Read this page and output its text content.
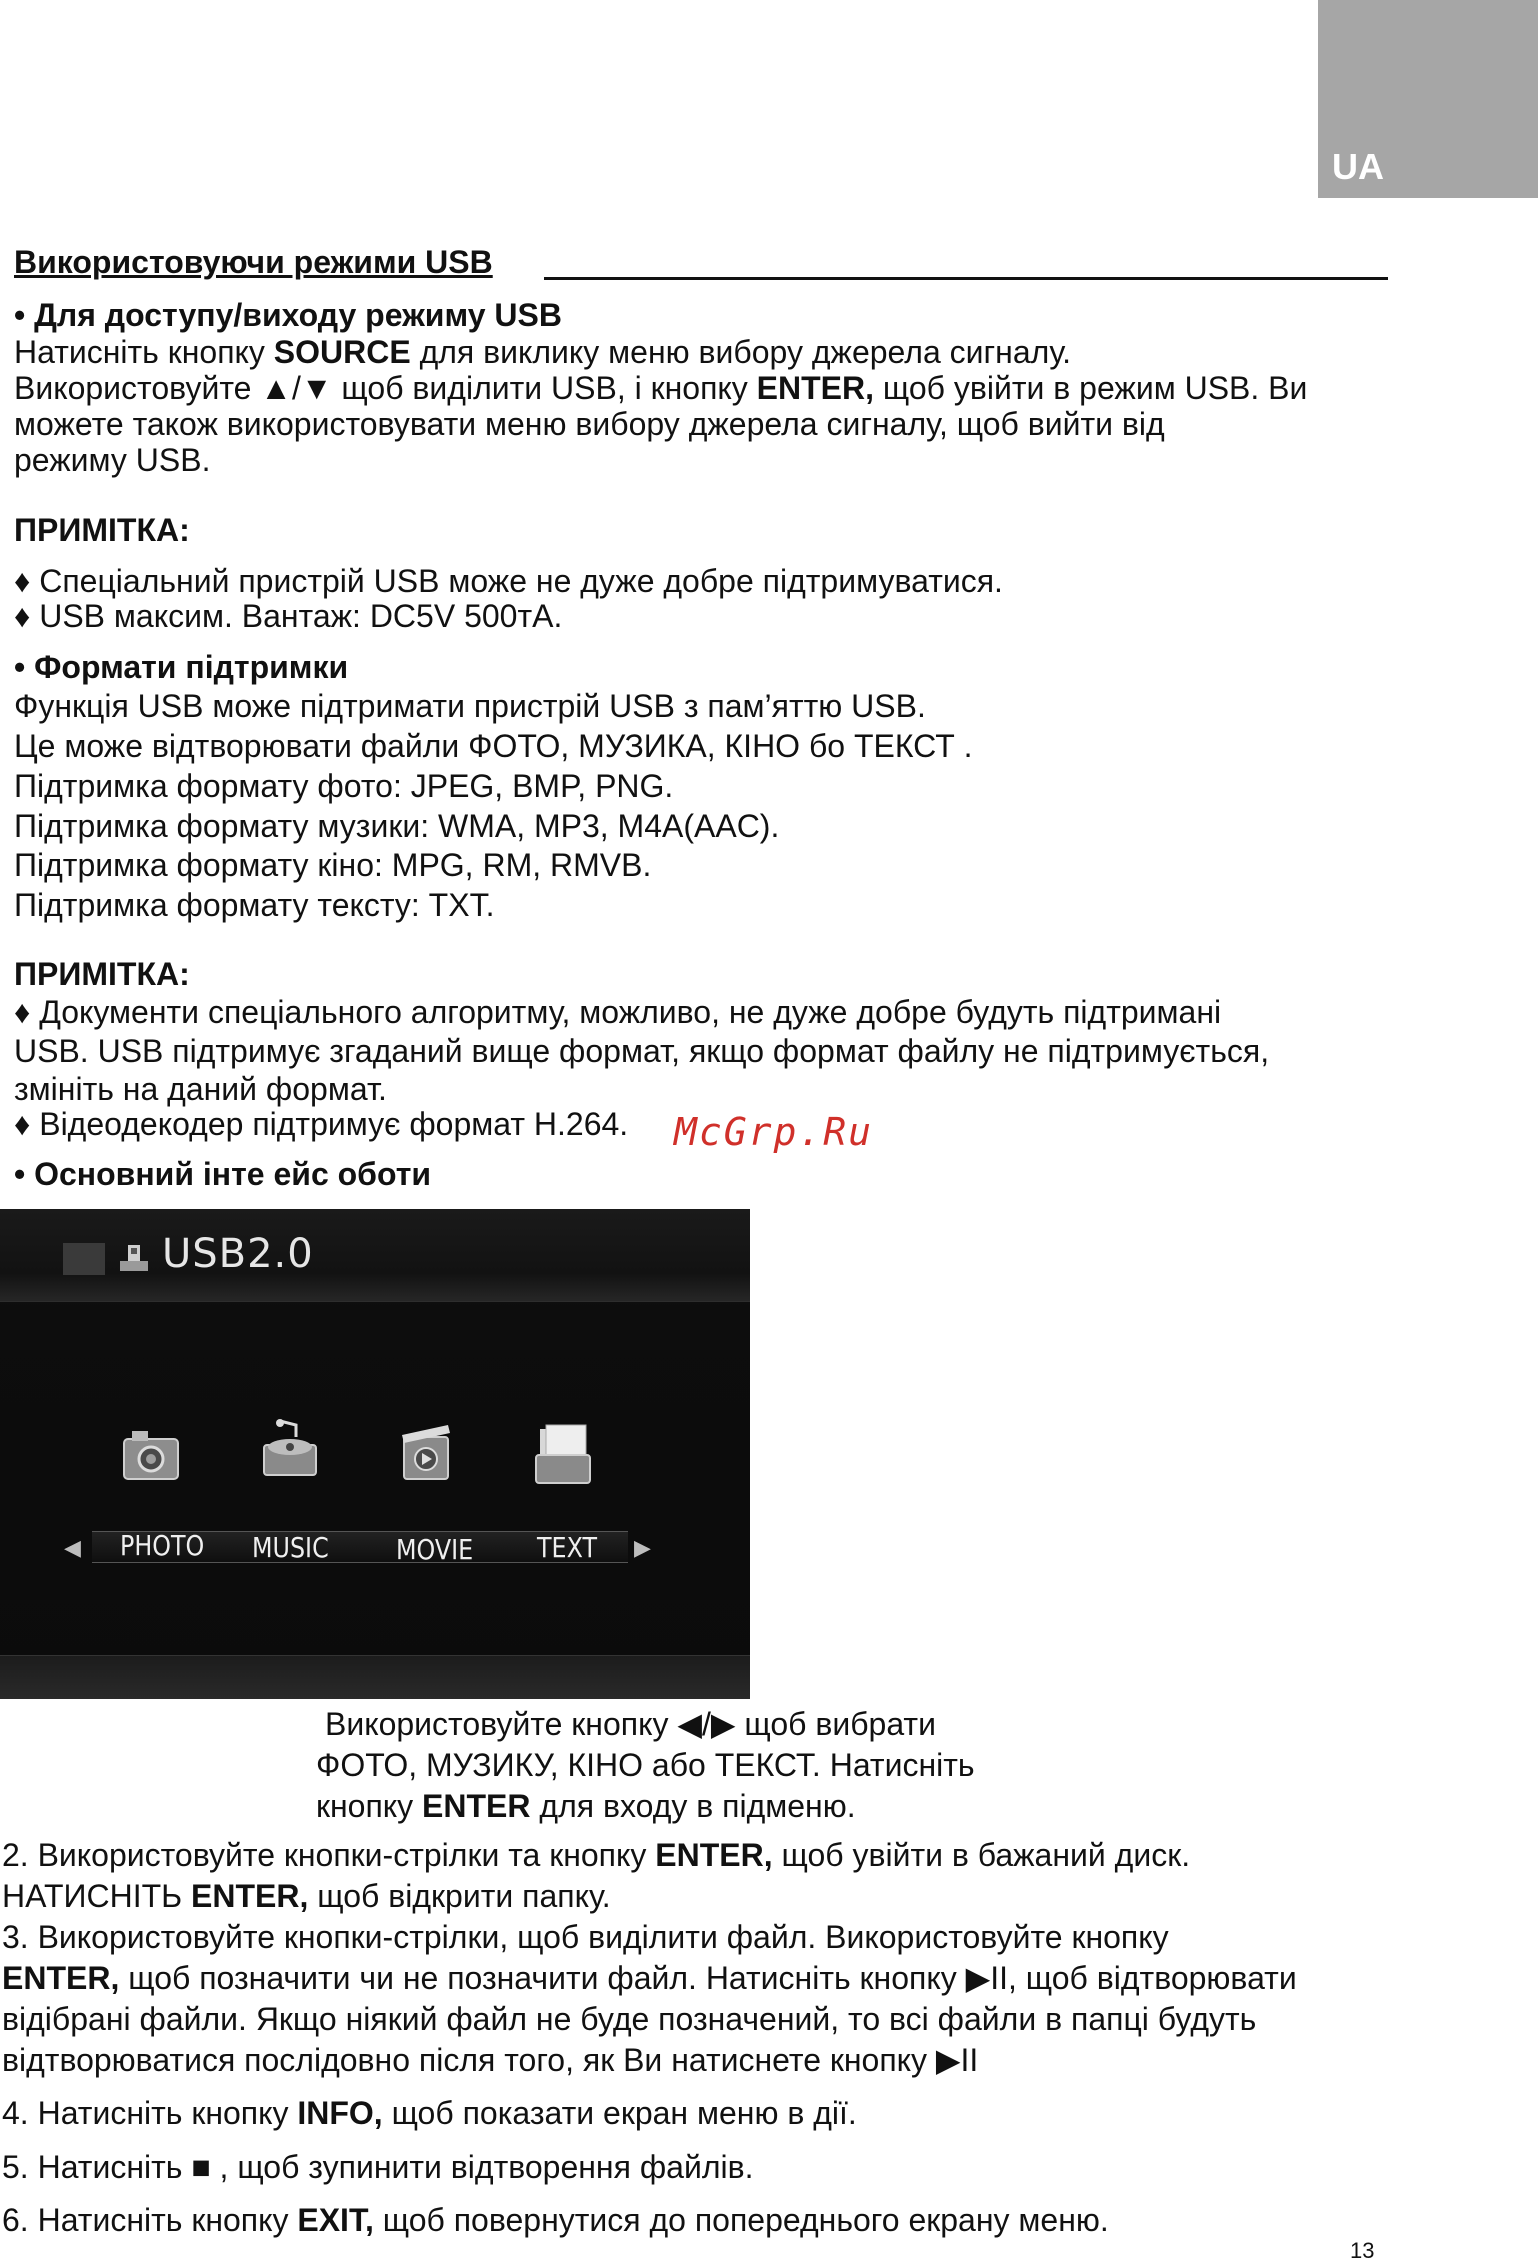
UA
Використовуючи режими USB
• Для доступу/виходу режиму USB
Натисніть кнопку SOURCE для виклику меню вибору джерела сигналу.
Використовуйте ▲/▼ щоб виділити USB, і кнопку ENTER, щоб увійти в режим USB. Ви
можете також використовувати меню вибору джерела сигналу, щоб вийти від
режиму USB.
ПРИМІТКА:
♦ Спеціальний пристрій USB може не дуже добре підтримуватися.
♦ USB максим. Вантаж: DC5V 500тА.
• Формати підтримки
Функція USB може підтримати пристрій USB з пам’яттю USB.
Це може відтворювати файли ФОТО, МУЗИКА, КІНО бо ТЕКСТ .
Підтримка формату фото: JPEG, BMP, PNG.
Підтримка формату музики: WMA, MP3, M4A(AAC).
Підтримка формату кіно: MPG, RM, RMVB.
Підтримка формату тексту: TXT.
ПРИМІТКА:
♦ Документи спеціального алгоритму, можливо, не дуже добре будуть підтримані
USB. USB підтримує згаданий вище формат, якщо формат файлу не підтримується,
змініть на даний формат.
♦ Відеодекодер підтримує формат H.264. McGrp.Ru
• Основний інте ейс оботи
USB2.0
◀	▶
PHOTO MUSIC MOVIE TEXT
Використовуйте кнопку ◀/▶ щоб вибрати
ФОТО, МУЗИКУ, КІНО або ТЕКСТ. Натисніть
кнопку ENTER для входу в підменю.
2. Використовуйте кнопки-стрілки та кнопку ENTER, щоб увійти в бажаний диск.
НАТИСНІТЬ ENTER, щоб відкрити папку.
3. Використовуйте кнопки-стрілки, щоб виділити файл. Використовуйте кнопку
ENTER, щоб позначити чи не позначити файл. Натисніть кнопку ▶II, щоб відтворювати
відібрані файли. Якщо ніякий файл не буде позначений, то всі файли в папці будуть
відтворюватися послідовно після того, як Ви натиснете кнопку ▶II
4. Натисніть кнопку INFO, щоб показати екран меню в дії.
5. Натисніть ■ , щоб зупинити відтворення файлів.
6. Натисніть кнопку EXIT, щоб повернутися до попереднього екрану меню.
13
